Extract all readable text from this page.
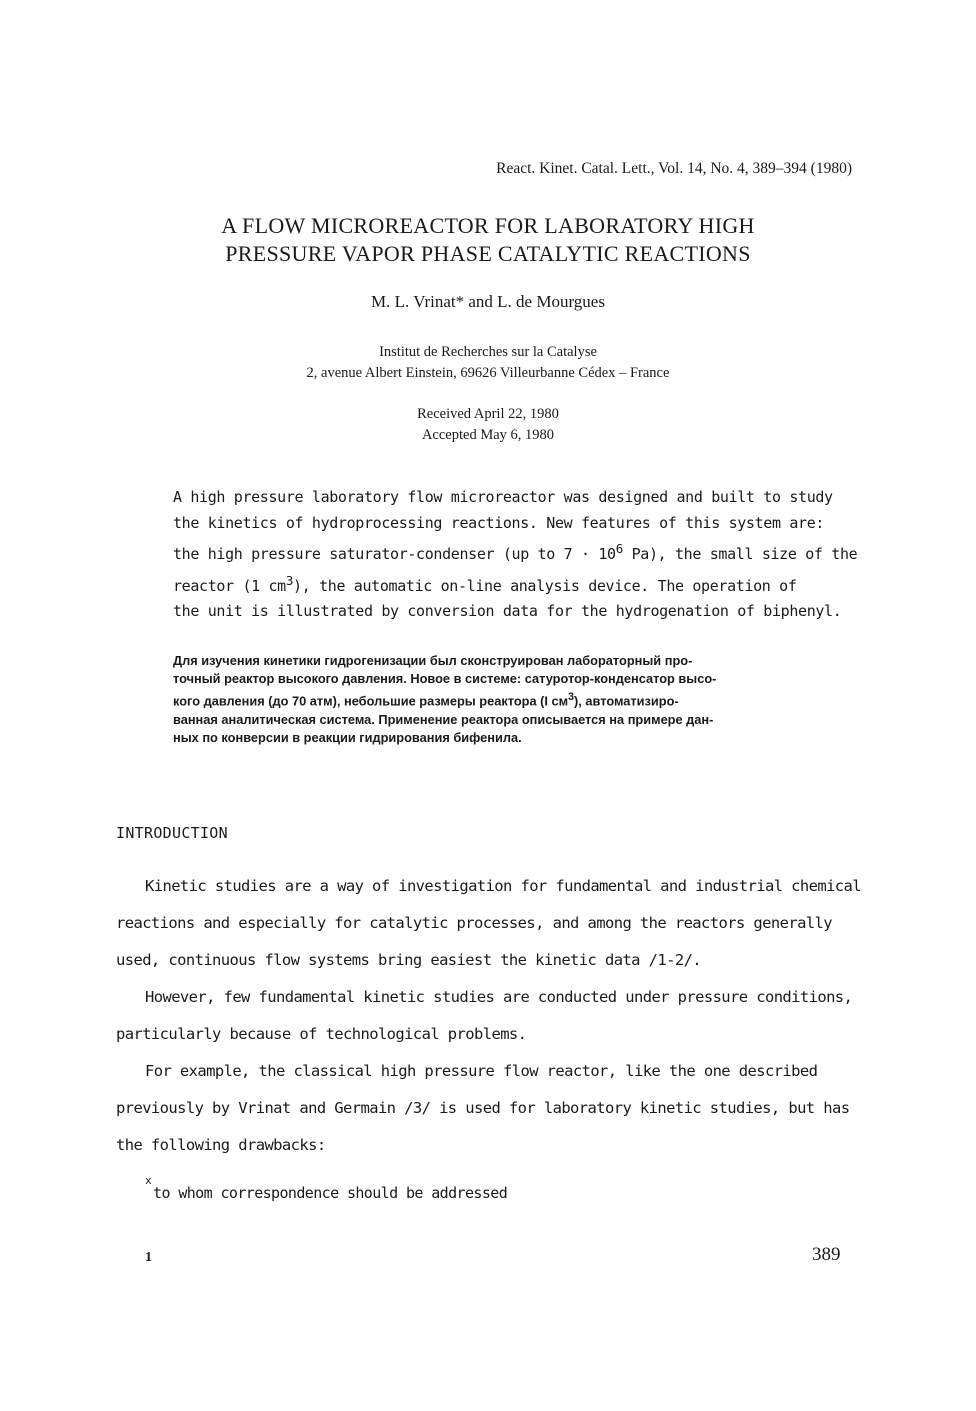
React. Kinet. Catal. Lett., Vol. 14, No. 4, 389–394 (1980)
A FLOW MICROREACTOR FOR LABORATORY HIGH
PRESSURE VAPOR PHASE CATALYTIC REACTIONS
M. L. Vrinat* and L. de Mourgues
Institut de Recherches sur la Catalyse
2, avenue Albert Einstein, 69626 Villeurbanne Cédex – France
Received April 22, 1980
Accepted May 6, 1980
A high pressure laboratory flow microreactor was designed and built to study
the kinetics of hydroprocessing reactions. New features of this system are:
the high pressure saturator-condenser (up to $7 \cdot 10^6$ Pa), the small size of the
reactor (1 $cm^3$), the automatic on-line analysis device. The operation of
the unit is illustrated by conversion data for the hydrogenation of biphenyl.
Для изучения кинетики гидрогенизации был сконструирован лабораторный про-
точный реактор высокого давления. Новое в системе: сатуротор-конденсатор высо-
кого давления (до 70 атм), небольшие размеры реактора (I $см^3$), автоматизиро-
ванная аналитическая система. Применение реактора описывается на примере дан-
ных по конверсии в реакции гидрирования бифенила.
INTRODUCTION
Kinetic studies are a way of investigation for fundamental and industrial chemical
reactions and especially for catalytic processes, and among the reactors generally
used, continuous flow systems bring easiest the kinetic data /1-2/.
However, few fundamental kinetic studies are conducted under pressure conditions,
particularly because of technological problems.
For example, the classical high pressure flow reactor, like the one described
previously by Vrinat and Germain /3/ is used for laboratory kinetic studies, but has
the following drawbacks:
$^x$to whom correspondence should be addressed
1	389
